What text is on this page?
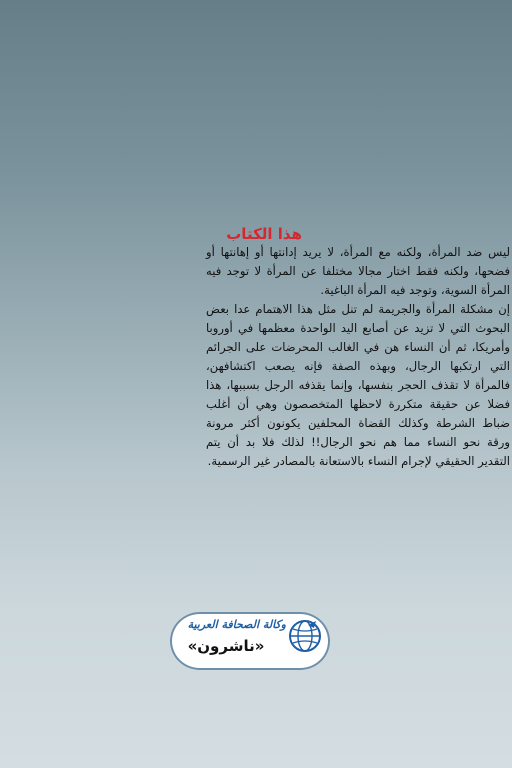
هذا الكتاب

ليس ضد المرأة، ولكنه مع المرأة، لا يريد إدانتها أو إهانتها أو فضحها، ولكنه فقط اختار مجالا مختلفا عن المرأة لا توجد فيه المرأة السوية، وتوجد فيه المرأة الباغية.

إن مشكلة المرأة والجريمة لم تنل مثل هذا الاهتمام عدا بعض البحوث التي لا تزيد عن أصابع اليد الواحدة معظمها في أوروبا وأمريكا، ثم أن النساء هن في الغالب المحرضات على الجرائم التي ارتكبها الرجال، وبهذه الصفة فإنه يصعب اكتشافهن، فالمرأة لا تقذف الحجر بنفسها، وإنما يقذفه الرجل بسببها، هذا فضلا عن حقيقة متكررة لاحظها المتخصصون وهي أن أغلب ضباط الشرطة وكذلك القضاة المحلفين يكونون أكثر مرونة ورقة نحو النساء مما هم نحو الرجال!! لذلك فلا بد أن يتم التقدير الحقيقي لإجرام النساء بالاستعانة بالمصادر غير الرسمية.

وكالة الصحافة العربية
«ناشرون»
